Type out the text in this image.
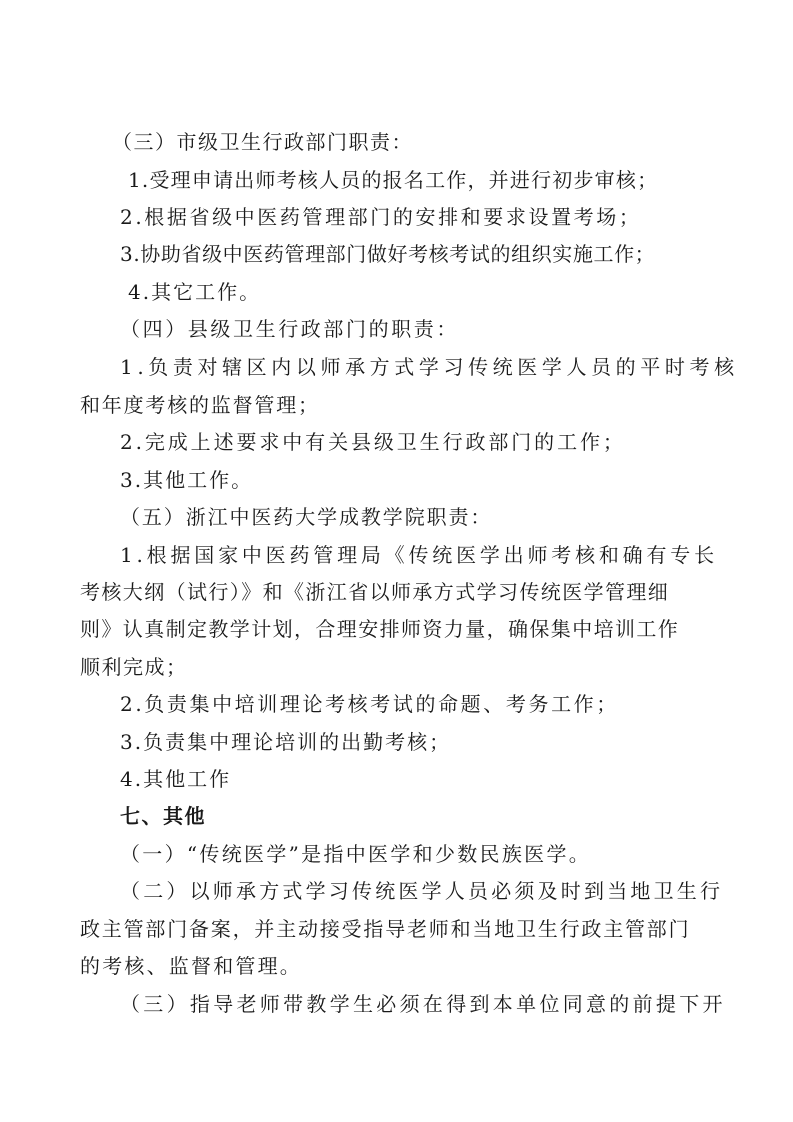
（三）市级卫生行政部门职责：
1.受理申请出师考核人员的报名工作，并进行初步审核；
2.根据省级中医药管理部门的安排和要求设置考场；
3.协助省级中医药管理部门做好考核考试的组织实施工作；
4.其它工作。
（四）县级卫生行政部门的职责：
1.负责对辖区内以师承方式学习传统医学人员的平时考核
和年度考核的监督管理；
2.完成上述要求中有关县级卫生行政部门的工作；
3.其他工作。
（五）浙江中医药大学成教学院职责：
1.根据国家中医药管理局《传统医学出师考核和确有专长
考核大纲（试行）》和《浙江省以师承方式学习传统医学管理细
则》认真制定教学计划，合理安排师资力量，确保集中培训工作
顺利完成；
2.负责集中培训理论考核考试的命题、考务工作；
3.负责集中理论培训的出勤考核；
4.其他工作
七、其他
（一）“传统医学”是指中医学和少数民族医学。
（二）以师承方式学习传统医学人员必须及时到当地卫生行
政主管部门备案，并主动接受指导老师和当地卫生行政主管部门
的考核、监督和管理。
（三）指导老师带教学生必须在得到本单位同意的前提下开
